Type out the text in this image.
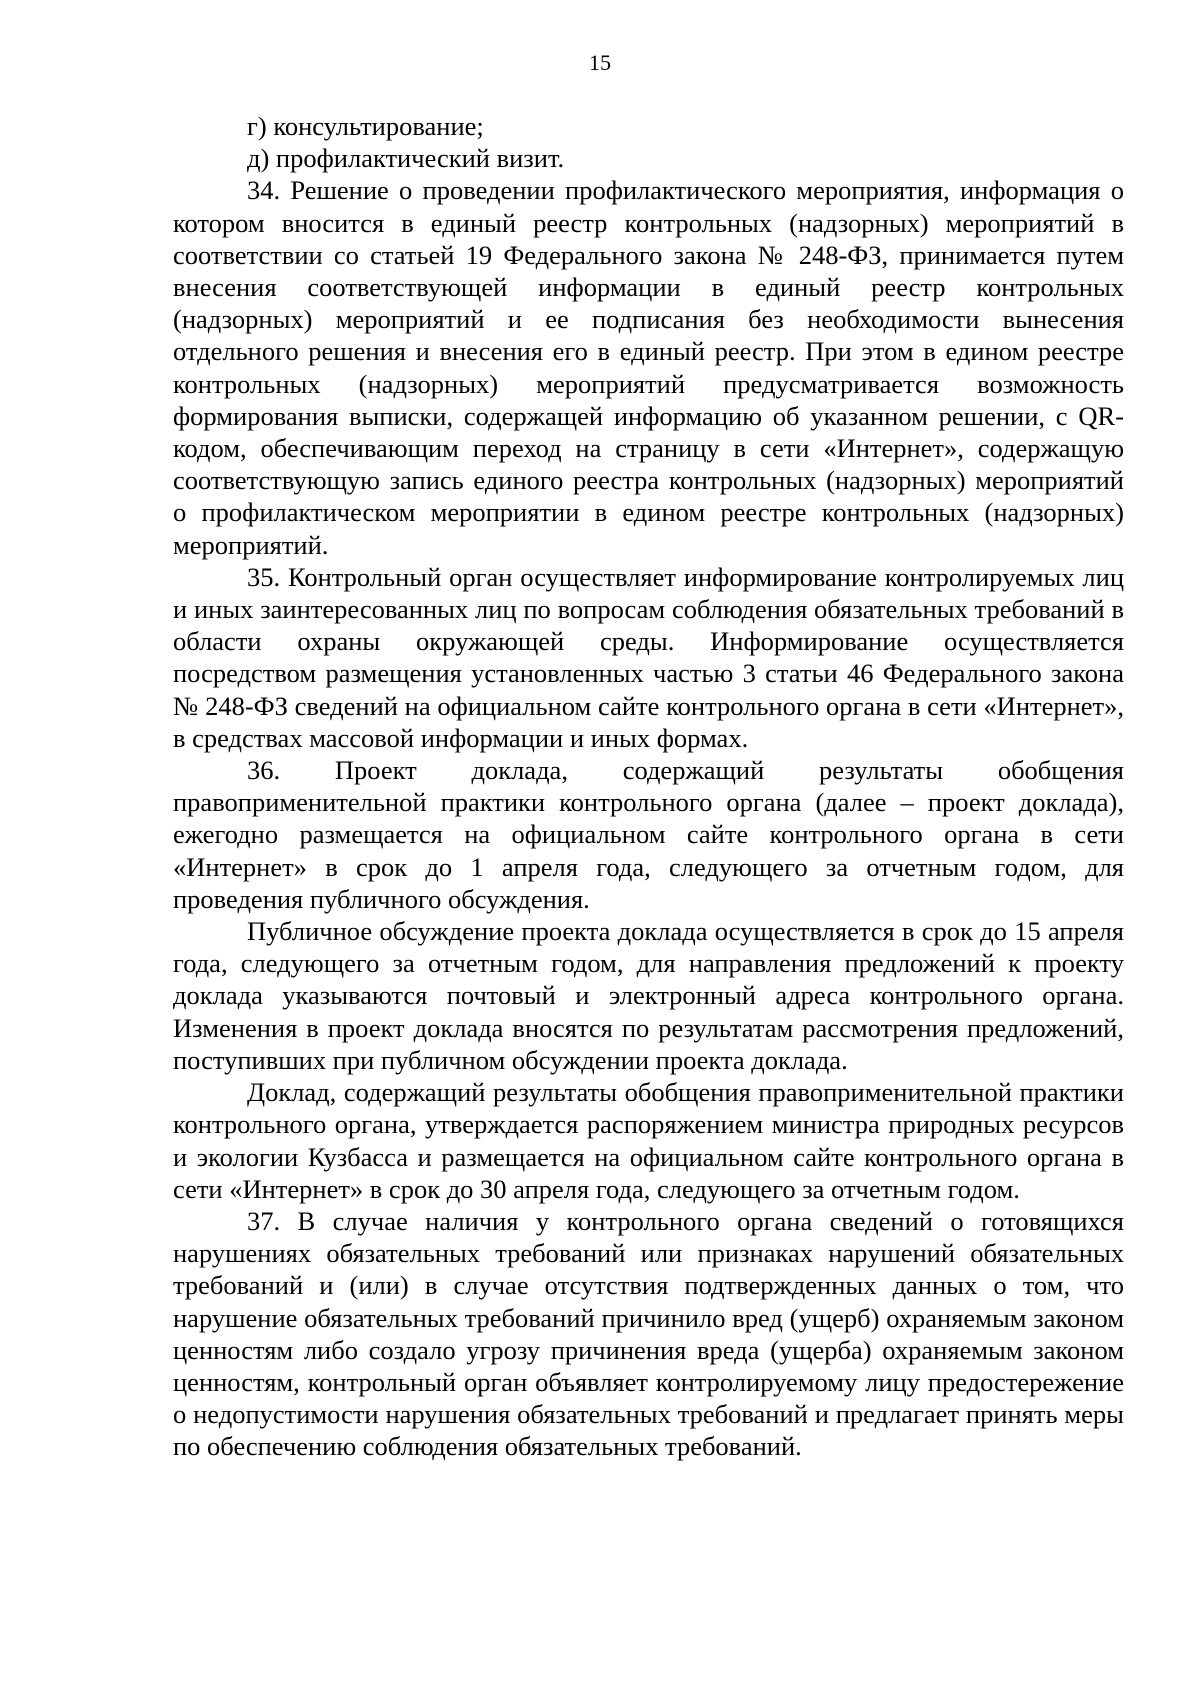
15

г) консультирование;

д) профилактический визит.

34. Решение о проведении профилактического мероприятия, информация о котором вносится в единый реестр контрольных (надзорных) мероприятий в соответствии со статьей 19 Федерального закона № 248-ФЗ, принимается путем внесения соответствующей информации в единый реестр контрольных (надзорных) мероприятий и ее подписания без необходимости вынесения отдельного решения и внесения его в единый реестр. При этом в едином реестре контрольных (надзорных) мероприятий предусматривается возможность формирования выписки, содержащей информацию об указанном решении, с QR-кодом, обеспечивающим переход на страницу в сети «Интернет», содержащую соответствующую запись единого реестра контрольных (надзорных) мероприятий о профилактическом мероприятии в едином реестре контрольных (надзорных) мероприятий.

35. Контрольный орган осуществляет информирование контролируемых лиц и иных заинтересованных лиц по вопросам соблюдения обязательных требований в области охраны окружающей среды. Информирование осуществляется посредством размещения установленных частью 3 статьи 46 Федерального закона № 248-ФЗ сведений на официальном сайте контрольного органа в сети «Интернет», в средствах массовой информации и иных формах.

36. Проект доклада, содержащий результаты обобщения правоприменительной практики контрольного органа (далее – проект доклада), ежегодно размещается на официальном сайте контрольного органа в сети «Интернет» в срок до 1 апреля года, следующего за отчетным годом, для проведения публичного обсуждения.

Публичное обсуждение проекта доклада осуществляется в срок до 15 апреля года, следующего за отчетным годом, для направления предложений к проекту доклада указываются почтовый и электронный адреса контрольного органа. Изменения в проект доклада вносятся по результатам рассмотрения предложений, поступивших при публичном обсуждении проекта доклада.

Доклад, содержащий результаты обобщения правоприменительной практики контрольного органа, утверждается распоряжением министра природных ресурсов и экологии Кузбасса и размещается на официальном сайте контрольного органа в сети «Интернет» в срок до 30 апреля года, следующего за отчетным годом.

37. В случае наличия у контрольного органа сведений о готовящихся нарушениях обязательных требований или признаках нарушений обязательных требований и (или) в случае отсутствия подтвержденных данных о том, что нарушение обязательных требований причинило вред (ущерб) охраняемым законом ценностям либо создало угрозу причинения вреда (ущерба) охраняемым законом ценностям, контрольный орган объявляет контролируемому лицу предостережение о недопустимости нарушения обязательных требований и предлагает принять меры по обеспечению соблюдения обязательных требований.
